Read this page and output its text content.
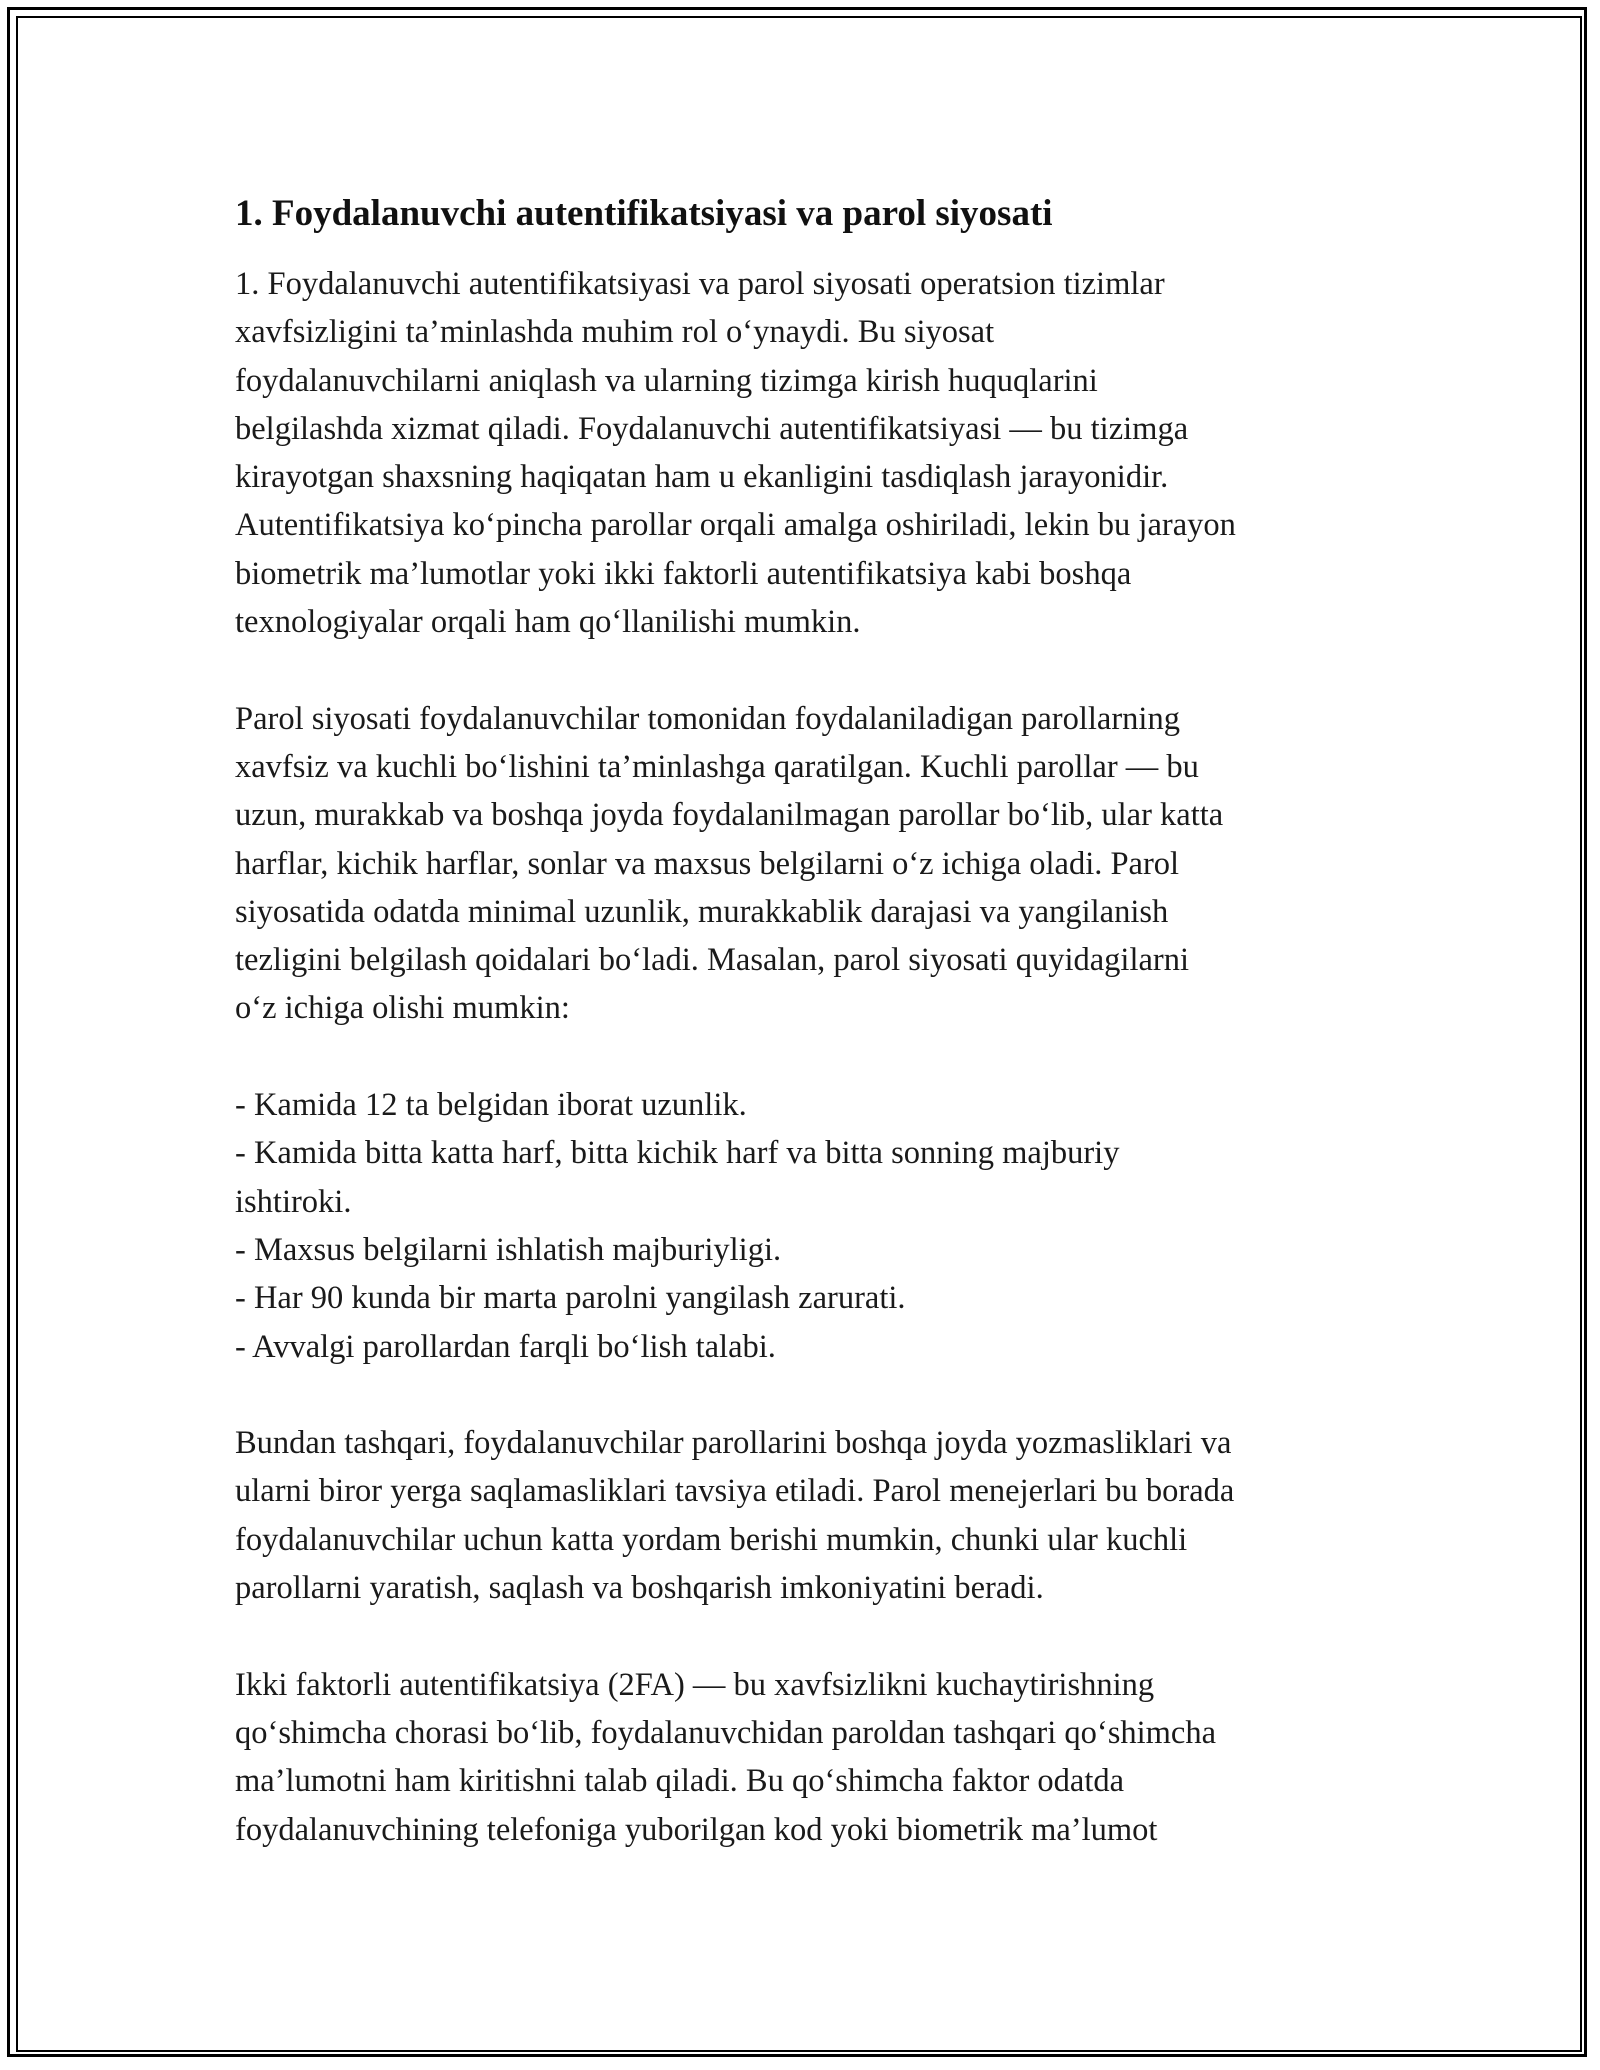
1. Foydalanuvchi autentifikatsiyasi va parol siyosati
1. Foydalanuvchi autentifikatsiyasi va parol siyosati operatsion tizimlar
xavfsizligini ta’minlashda muhim rol o‘ynaydi. Bu siyosat
foydalanuvchilarni aniqlash va ularning tizimga kirish huquqlarini
belgilashda xizmat qiladi. Foydalanuvchi autentifikatsiyasi — bu tizimga
kirayotgan shaxsning haqiqatan ham u ekanligini tasdiqlash jarayonidir.
Autentifikatsiya ko‘pincha parollar orqali amalga oshiriladi, lekin bu jarayon
biometrik ma’lumotlar yoki ikki faktorli autentifikatsiya kabi boshqa
texnologiyalar orqali ham qo‘llanilishi mumkin.
Parol siyosati foydalanuvchilar tomonidan foydalaniladigan parollarning
xavfsiz va kuchli bo‘lishini ta’minlashga qaratilgan. Kuchli parollar — bu
uzun, murakkab va boshqa joyda foydalanilmagan parollar bo‘lib, ular katta
harflar, kichik harflar, sonlar va maxsus belgilarni o‘z ichiga oladi. Parol
siyosatida odatda minimal uzunlik, murakkablik darajasi va yangilanish
tezligini belgilash qoidalari bo‘ladi. Masalan, parol siyosati quyidagilarni
o‘z ichiga olishi mumkin:
- Kamida 12 ta belgidan iborat uzunlik.
- Kamida bitta katta harf, bitta kichik harf va bitta sonning majburiy
ishtiroki.
- Maxsus belgilarni ishlatish majburiyligi.
- Har 90 kunda bir marta parolni yangilash zarurati.
- Avvalgi parollardan farqli bo‘lish talabi.
Bundan tashqari, foydalanuvchilar parollarini boshqa joyda yozmasliklari va
ularni biror yerga saqlamasliklari tavsiya etiladi. Parol menejerlari bu borada
foydalanuvchilar uchun katta yordam berishi mumkin, chunki ular kuchli
parollarni yaratish, saqlash va boshqarish imkoniyatini beradi.
Ikki faktorli autentifikatsiya (2FA) — bu xavfsizlikni kuchaytirishning
qo‘shimcha chorasi bo‘lib, foydalanuvchidan paroldan tashqari qo‘shimcha
ma’lumotni ham kiritishni talab qiladi. Bu qo‘shimcha faktor odatda
foydalanuvchining telefoniga yuborilgan kod yoki biometrik ma’lumot
